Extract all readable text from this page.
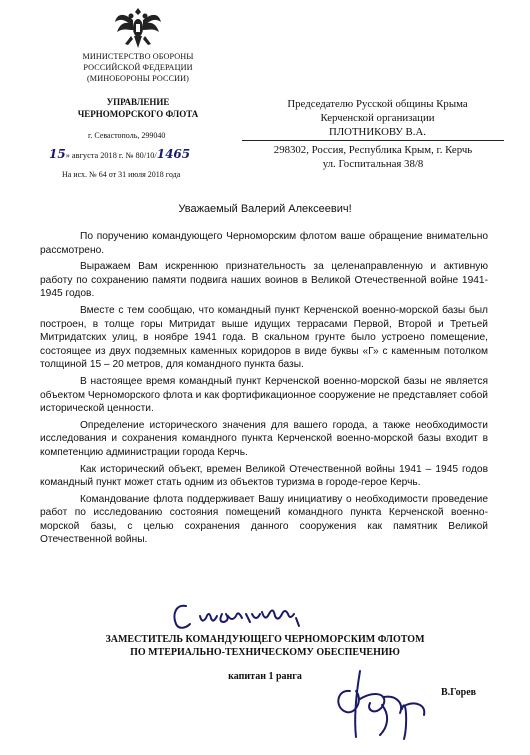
МИНИСТЕРСТВО ОБОРОНЫ
РОССИЙСКОЙ ФЕДЕРАЦИИ
(МИНОБОРОНЫ РОССИИ)
УПРАВЛЕНИЕ
ЧЕРНОМОРСКОГО ФЛОТА
г. Севастополь, 299040
15» августа 2018 г. № 80/10/1465
На исх. № 64 от 31 июля 2018 года
Председателю Русской общины Крыма
Керченской организации
ПЛОТНИКОВУ В.А.
298302, Россия, Республика Крым, г. Керчь
ул. Госпитальная 38/8
Уважаемый Валерий Алексеевич!

По поручению командующего Черноморским флотом ваше обращение внимательно рассмотрено.

Выражаем Вам искреннюю признательность за целенаправленную и активную работу по сохранению памяти подвига наших воинов в Великой Отечественной войне 1941-1945 годов.

Вместе с тем сообщаю, что командный пункт Керченской военно-морской базы был построен, в толще горы Митридат выше идущих террасами Первой, Второй и Третьей Митридатских улиц, в ноябре 1941 года. В скальном грунте было устроено помещение, состоящее из двух подземных каменных коридоров в виде буквы «Г» с каменным потолком толщиной 15 – 20 метров, для командного пункта базы.

В настоящее время командный пункт Керченской военно-морской базы не является объектом Черноморского флота и как фортификационное сооружение не представляет собой исторической ценности.

Определение исторического значения для вашего города, а также необходимости исследования и сохранения командного пункта Керченской военно-морской базы входит в компетенцию администрации города Керчь.

Как исторический объект, времен Великой Отечественной войны 1941 – 1945 годов командный пункт может стать одним из объектов туризма в городе-герое Керчь.

Командование флота поддерживает Вашу инициативу о необходимости проведение работ по исследованию состояния помещений командного пункта Керченской военно-морской базы, с целью сохранения данного сооружения как памятник Великой Отечественной войны.

ЗАМЕСТИТЕЛЬ КОМАНДУЮЩЕГО ЧЕРНОМОРСКИМ ФЛОТОМ
ПО МТЕРИАЛЬНО-ТЕХНИЧЕСКОМУ ОБЕСПЕЧЕНИЮ
капитан 1 ранга
В.Горев
